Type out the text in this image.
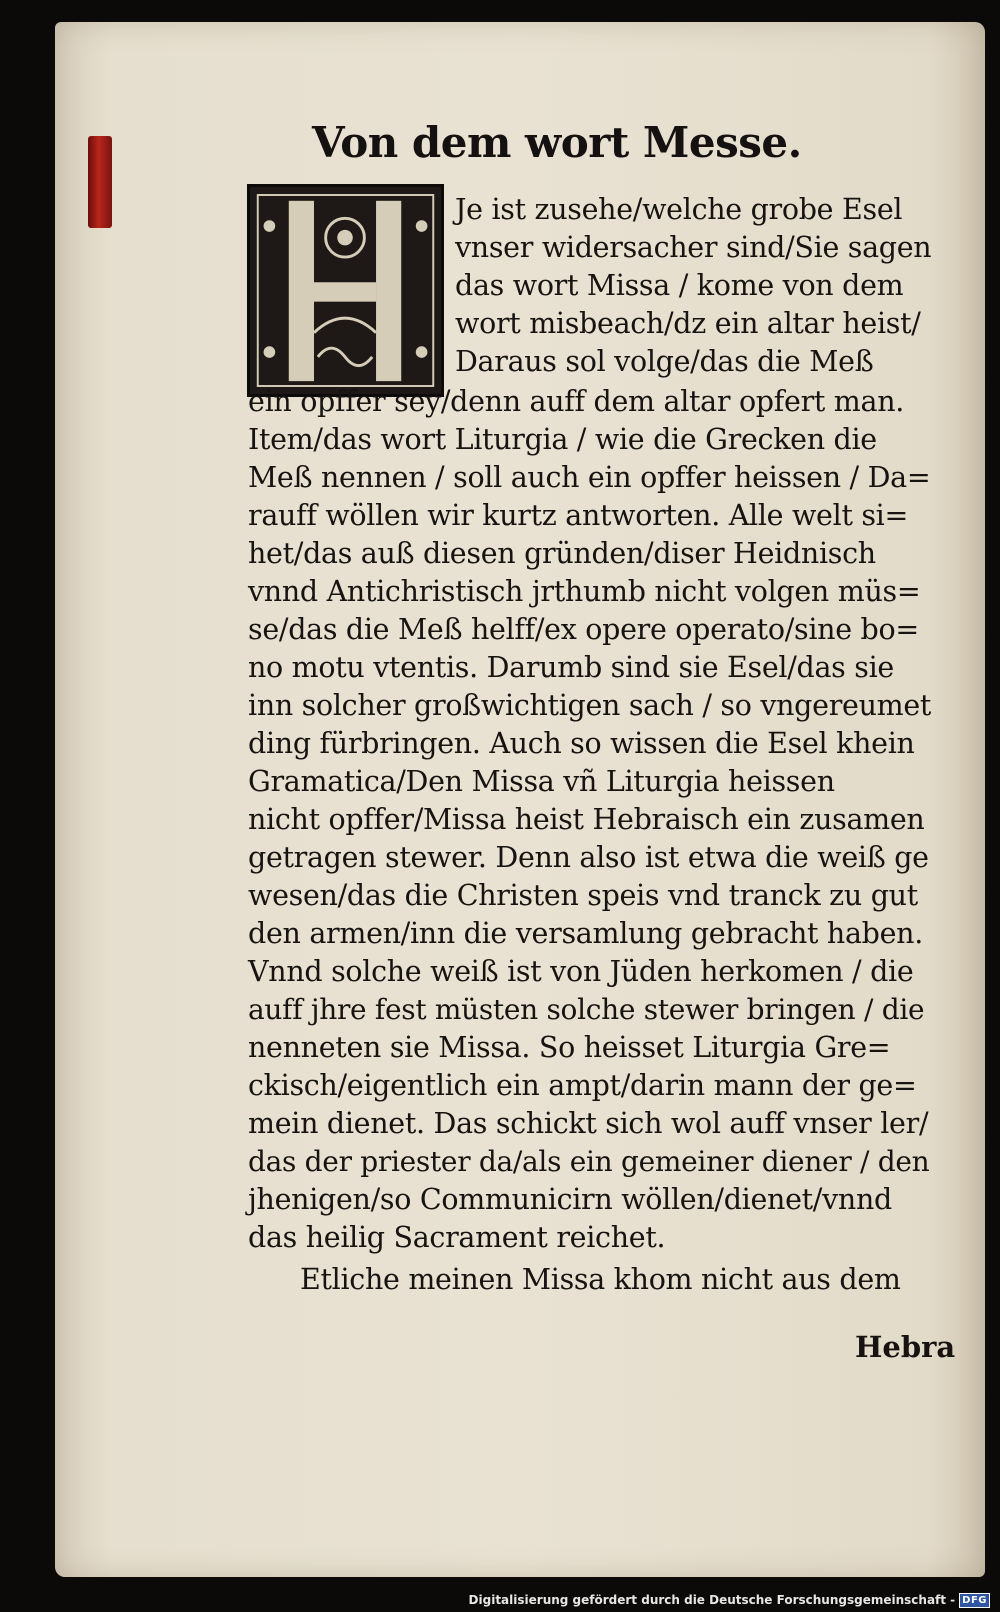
Von dem wort Messe.
Je ist zusehe/welche grobe Esel
vnser widersacher sind/Sie sagen
das wort Missa / kome von dem
wort misbeach/dz ein altar heist/
Daraus sol volge/das die Meß
ein opffer sey/denn auff dem altar opfert man.
Item/das wort Liturgia / wie die Grecken die
Meß nennen / soll auch ein opffer heissen / Da=
rauff wöllen wir kurtz antworten. Alle welt si=
het/das auß diesen gründen/diser Heidnisch
vnnd Antichristisch jrthumb nicht volgen müs=
se/das die Meß helff/ex opere operato/sine bo=
no motu vtentis. Darumb sind sie Esel/das sie
inn solcher großwichtigen sach / so vngereumet
ding fürbringen. Auch so wissen die Esel khein
Gramatica/Den Missa vñ Liturgia heissen
nicht opffer/Missa heist Hebraisch ein zusamen
getragen stewer. Denn also ist etwa die weiß ge
wesen/das die Christen speis vnd tranck zu gut
den armen/inn die versamlung gebracht haben.
Vnnd solche weiß ist von Jüden herkomen / die
auff jhre fest müsten solche stewer bringen / die
nenneten sie Missa. So heisset Liturgia Gre=
ckisch/eigentlich ein ampt/darin mann der ge=
mein dienet. Das schickt sich wol auff vnser ler/
das der priester da/als ein gemeiner diener / den
jhenigen/so Communicirn wöllen/dienet/vnnd
das heilig Sacrament reichet.
Etliche meinen Missa khom nicht aus dem
Hebra
Digitalisierung gefördert durch die Deutsche Forschungsgemeinschaft - DFG
